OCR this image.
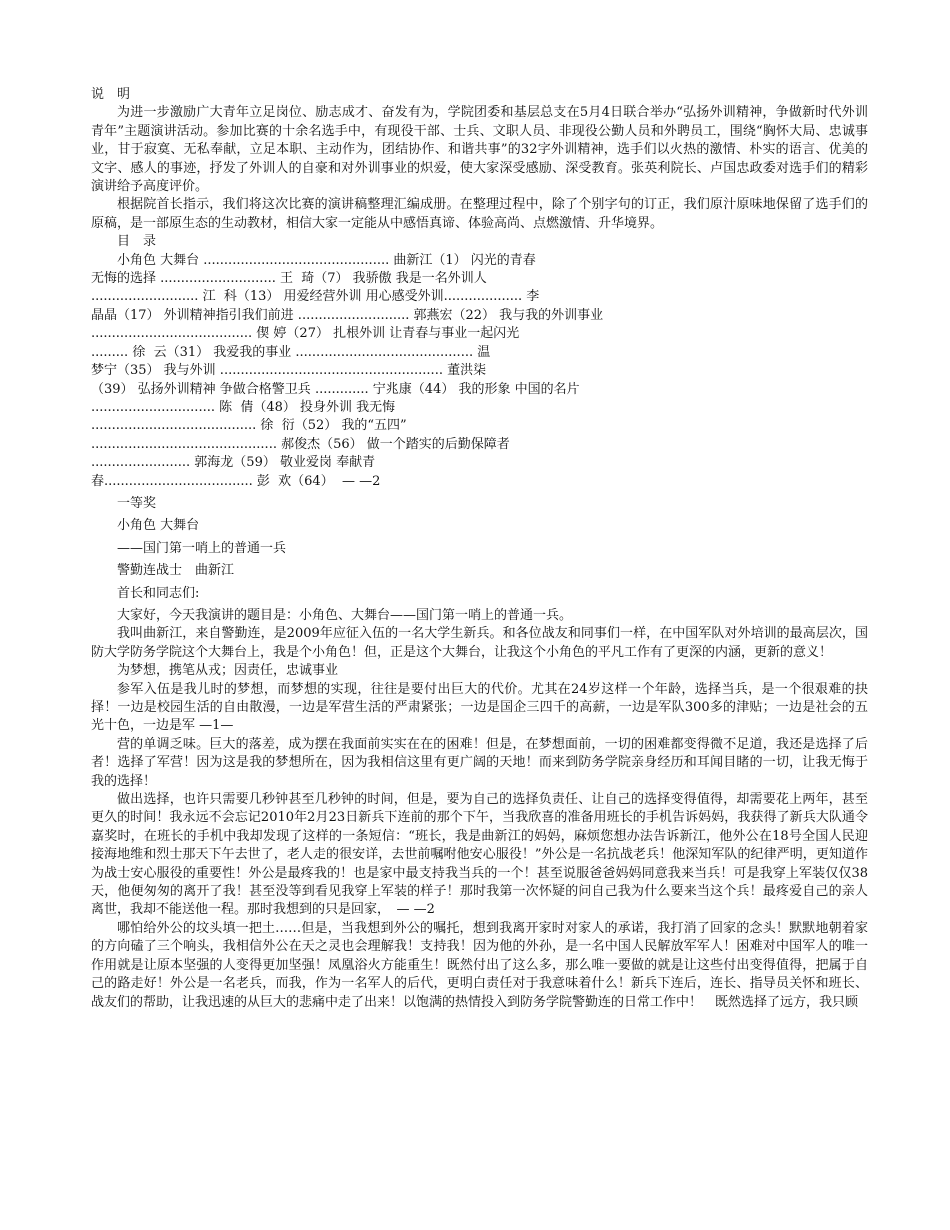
说　明
为进一步激励广大青年立足岗位、励志成才、奋发有为，学院团委和基层总支在5月4日联合举办“弘扬外训精神，争做新时代外训青年”主题演讲活动。参加比赛的十余名选手中，有现役干部、士兵、文职人员、非现役公勤人员和外聘员工，围绕“胸怀大局、忠诚事业，甘于寂寞、无私奉献，立足本职、主动作为，团结协作、和谐共事”的32字外训精神，选手们以火热的激情、朴实的语言、优美的文字、感人的事迹，抒发了外训人的自豪和对外训事业的炽爱，使大家深受感励、深受教育。张英利院长、卢国忠政委对选手们的精彩演讲给予高度评价。
根据院首长指示，我们将这次比赛的演讲稿整理汇编成册。在整理过程中，除了个别字句的订正，我们原汁原味地保留了选手们的原稿，是一部原生态的生动教材，相信大家一定能从中感悟真谛、体验高尚、点燃激情、升华境界。
目　录
小角色 大舞台 ............................................. 曲新江（1） 闪光的青春
无悔的选择 ............................ 王  琦（7） 我骄傲 我是一名外训人
.......................... 江  科（13） 用爱经营外训 用心感受外训................... 李
晶晶（17） 外训精神指引我们前进 ........................... 郭燕宏（22） 我与我的外训事业
....................................... 偰 婷（27） 扎根外训 让青春与事业一起闪光
......... 徐  云（31） 我爱我的事业 ........................................... 温
梦宁（35） 我与外训 ...................................................... 董洪柒
（39） 弘扬外训精神 争做合格警卫兵 ............. 宁兆康（44） 我的形象 中国的名片
.............................. 陈  倩（48） 投身外训 我无悔
........................................ 徐  衍（52） 我的“五四”
............................................. 郝俊杰（56） 做一个踏实的后勤保障者
........................ 郭海龙（59） 敬业爱岗 奉献青
春.................................... 彭  欢（64）  — —2
一等奖
小角色 大舞台
——国门第一哨上的普通一兵
警勤连战士　曲新江
首长和同志们:
大家好，今天我演讲的题目是：小角色、大舞台——国门第一哨上的普通一兵。
我叫曲新江，来自警勤连，是2009年应征入伍的一名大学生新兵。和各位战友和同事们一样，在中国军队对外培训的最高层次，国防大学防务学院这个大舞台上，我是个小角色！但，正是这个大舞台，让我这个小角色的平凡工作有了更深的内涵，更新的意义！
为梦想，携笔从戎；因责任，忠诚事业
参军入伍是我儿时的梦想，而梦想的实现，往往是要付出巨大的代价。尤其在24岁这样一个年龄，选择当兵，是一个很艰难的抉择！一边是校园生活的自由散漫，一边是军营生活的严肃紧张；一边是国企三四千的高薪，一边是军队300多的津贴；一边是社会的五光十色，一边是军 —1—
营的单调乏味。巨大的落差，成为摆在我面前实实在在的困难！但是，在梦想面前，一切的困难都变得微不足道，我还是选择了后者！选择了军营！因为这是我的梦想所在，因为我相信这里有更广阔的天地！而来到防务学院亲身经历和耳闻目睹的一切，让我无悔于我的选择！
做出选择，也许只需要几秒钟甚至几秒钟的时间，但是，要为自己的选择负责任、让自己的选择变得值得，却需要花上两年，甚至更久的时间！我永远不会忘记2010年2月23日新兵下连前的那个下午，当我欣喜的准备用班长的手机告诉妈妈，我获得了新兵大队通令嘉奖时，在班长的手机中我却发现了这样的一条短信：“班长，我是曲新江的妈妈，麻烦您想办法告诉新江，他外公在18号全国人民迎接海地维和烈士那天下午去世了，老人走的很安详，去世前嘱咐他安心服役！”外公是一名抗战老兵！他深知军队的纪律严明，更知道作为战士安心服役的重要性！外公是最疼我的！也是家中最支持我当兵的一个！甚至说服爸爸妈妈同意我来当兵！可是我穿上军装仅仅38天，他便匆匆的离开了我！甚至没等到看见我穿上军装的样子！那时我第一次怀疑的问自己我为什么要来当这个兵！最疼爱自己的亲人离世，我却不能送他一程。那时我想到的只是回家，　— —2
哪怕给外公的坟头填一把土……但是，当我想到外公的嘱托，想到我离开家时对家人的承诺，我打消了回家的念头！默默地朝着家的方向磕了三个响头，我相信外公在天之灵也会理解我！支持我！因为他的外孙，是一名中国人民解放军军人！困难对中国军人的唯一作用就是让原本坚强的人变得更加坚强！凤凰浴火方能重生！既然付出了这么多，那么唯一要做的就是让这些付出变得值得，把属于自己的路走好！外公是一名老兵，而我，作为一名军人的后代，更明白责任对于我意味着什么！新兵下连后，连长、指导员关怀和班长、战友们的帮助，让我迅速的从巨大的悲痛中走了出来！以饱满的热情投入到防务学院警勤连的日常工作中！　既然选择了远方，我只顾
